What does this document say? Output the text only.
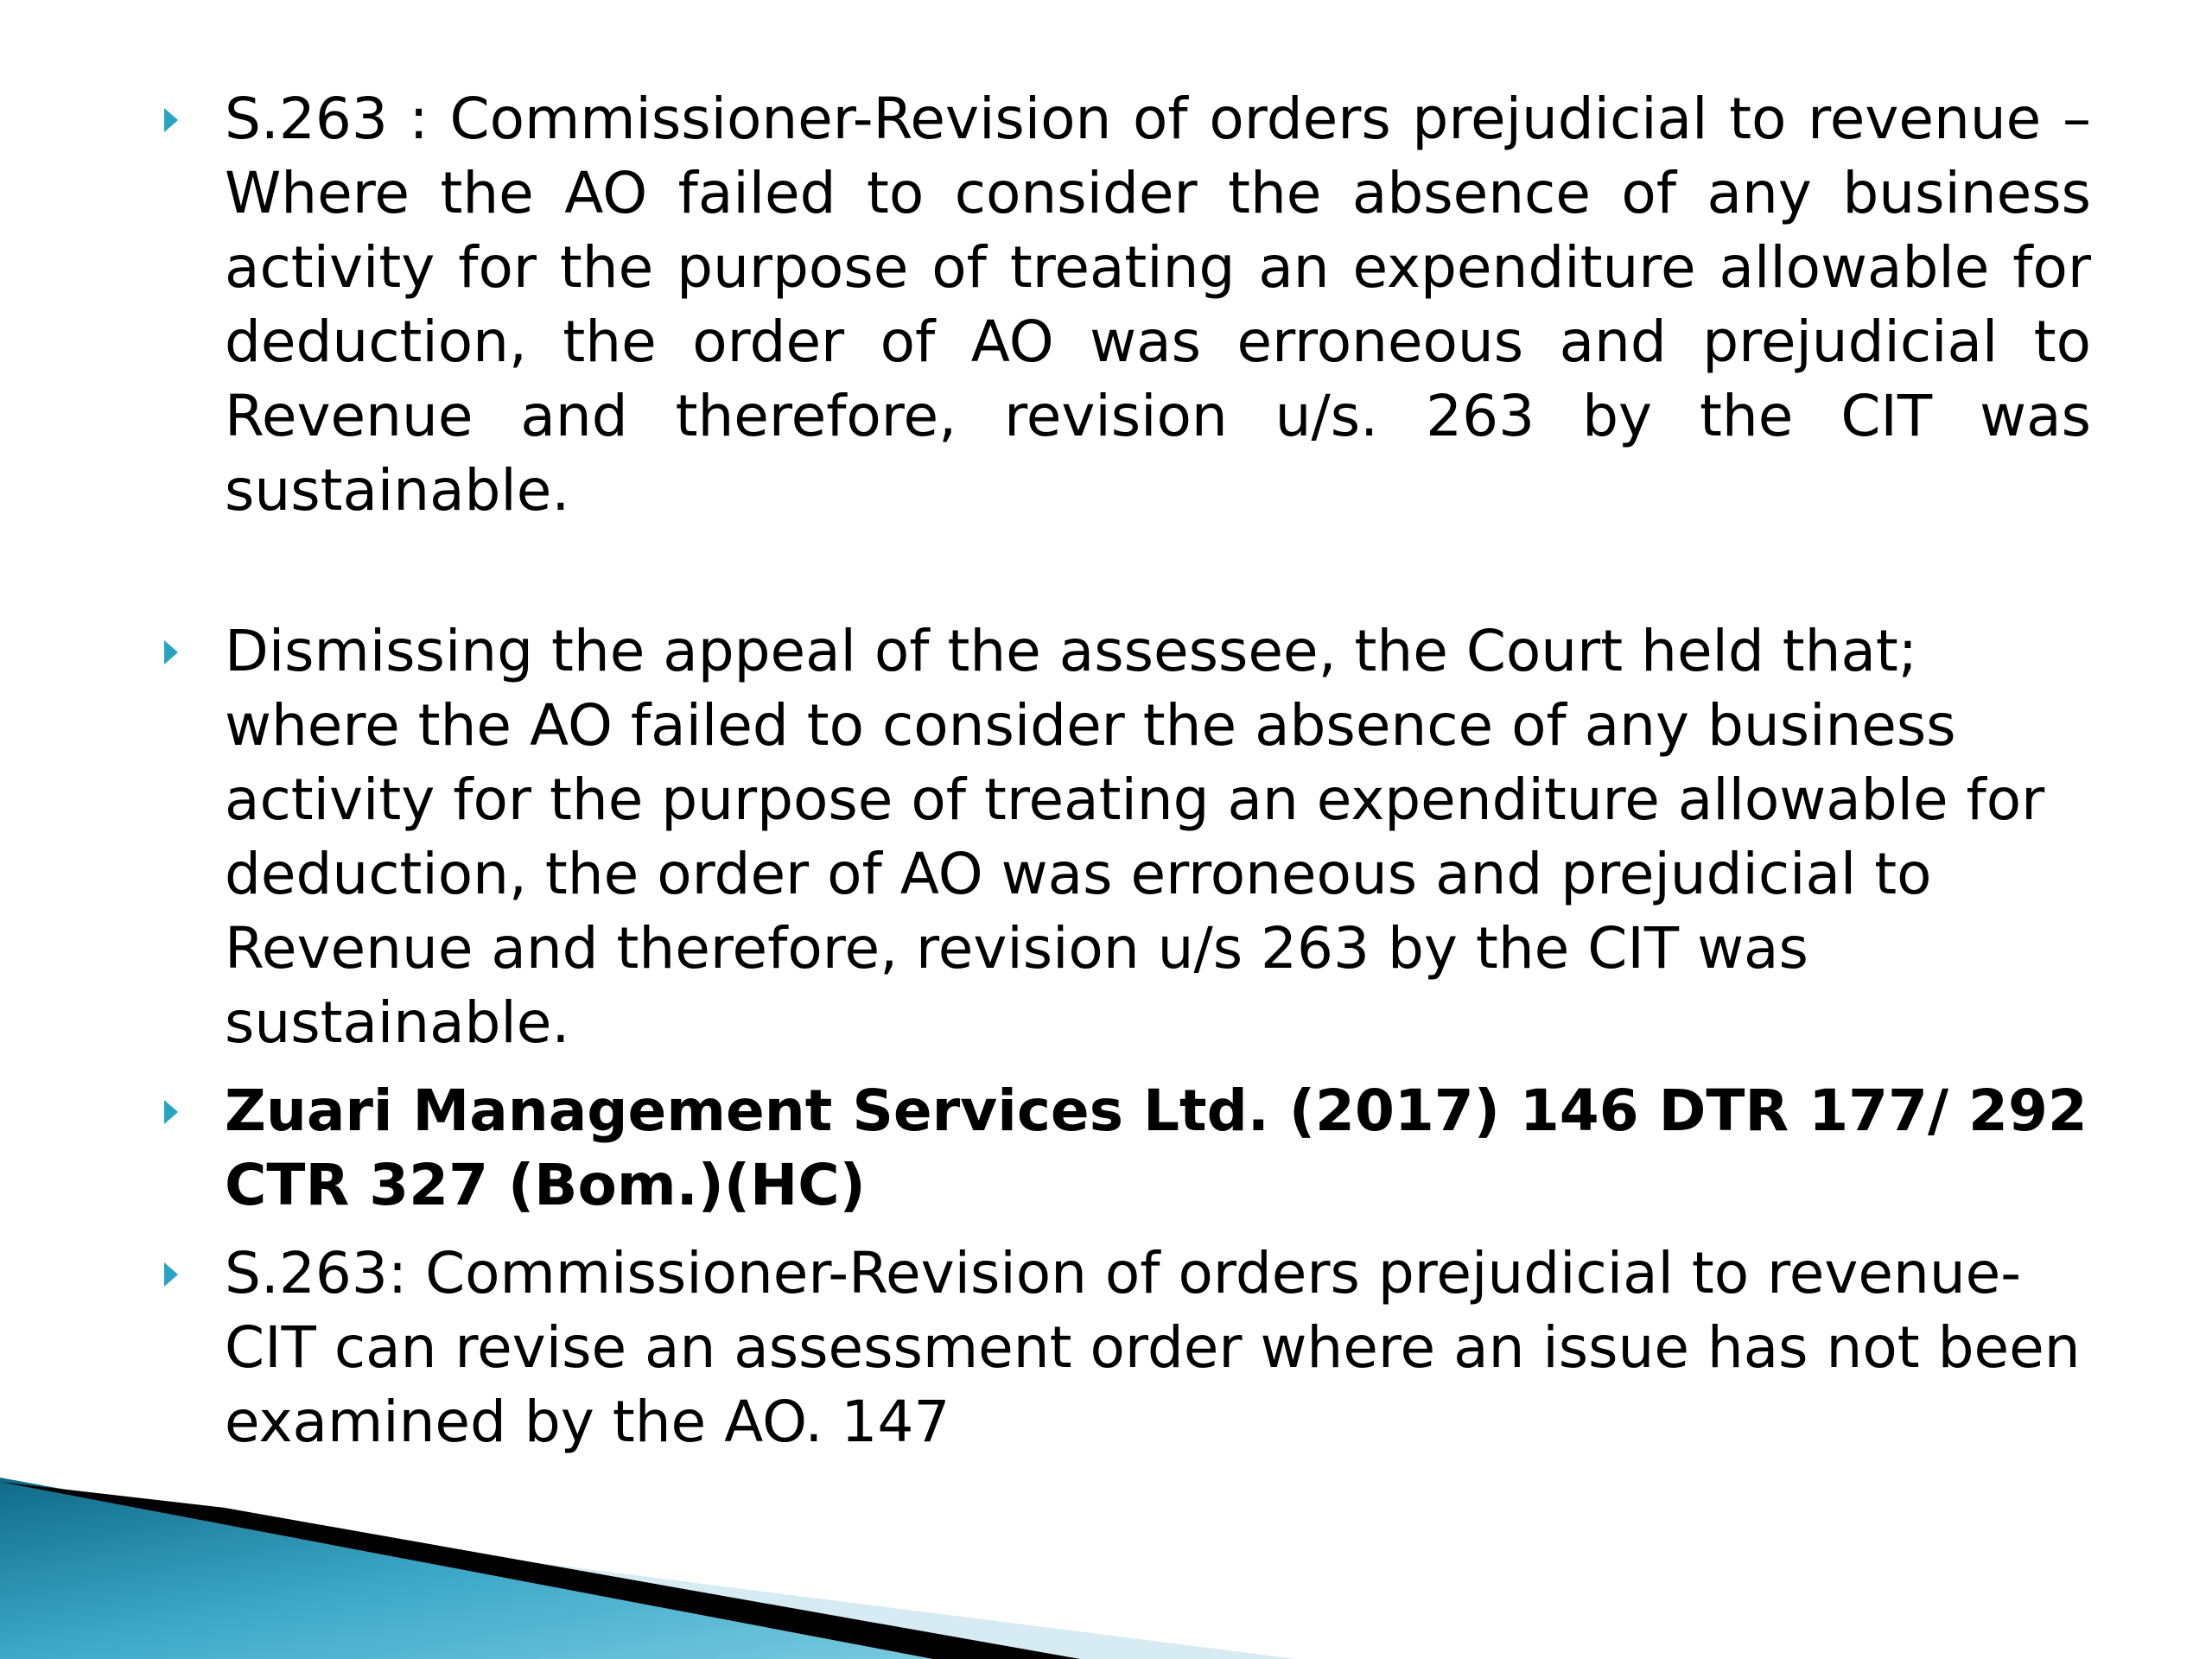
S.263 : Commissioner-Revision of orders prejudicial to revenue – Where the AO failed to consider the absence of any business activity for the purpose of treating an expenditure allowable for deduction, the order of AO was erroneous and prejudicial to Revenue and therefore, revision u/s. 263 by the CIT was sustainable.

Dismissing the appeal of the assessee, the Court held that; where the AO failed to consider the absence of any business activity for the purpose of treating an expenditure allowable for deduction, the order of AO was erroneous and prejudicial to Revenue and therefore, revision u/s 263 by the CIT was sustainable.

Zuari Management Services Ltd. (2017) 146 DTR 177/ 292 CTR 327 (Bom.)(HC)

S.263: Commissioner-Revision of orders prejudicial to revenue-CIT can revise an assessment order where an issue has not been examined by the AO. 147
